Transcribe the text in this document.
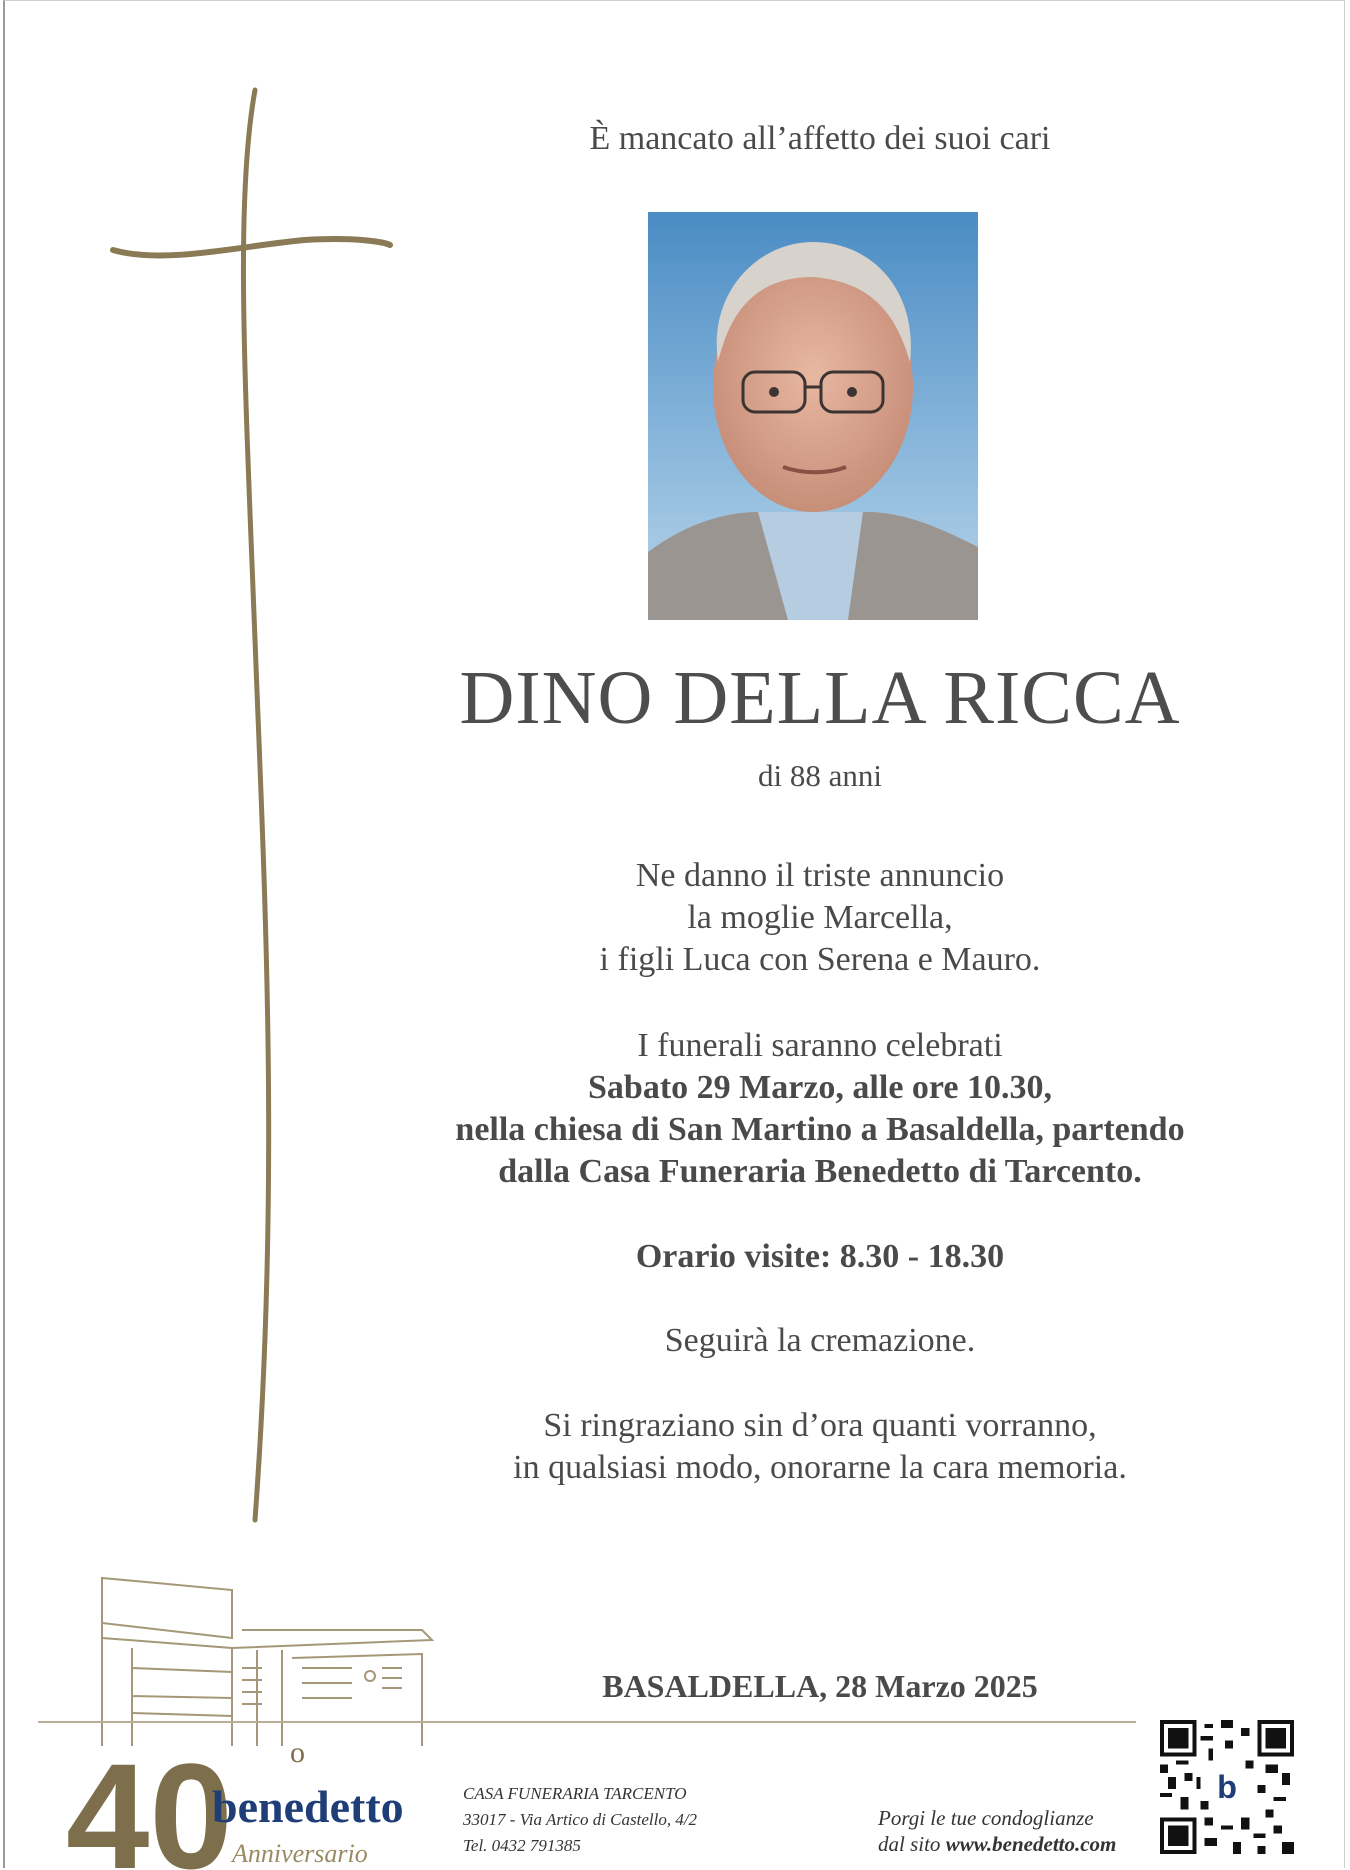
È mancato all’affetto dei suoi cari
DINO DELLA RICCA
di 88 anni
Ne danno il triste annuncio
la moglie Marcella,
i figli Luca con Serena e Mauro.
I funerali saranno celebrati
Sabato 29 Marzo, alle ore 10.30,
nella chiesa di San Martino a Basaldella, partendo
dalla Casa Funeraria Benedetto di Tarcento.
Orario visite: 8.30 - 18.30
Seguirà la cremazione.
Si ringraziano sin d’ora quanti vorranno,
in qualsiasi modo, onorarne la cara memoria.
BASALDELLA, 28 Marzo 2025
40 o
benedetto
Anniversario
CASA FUNERARIA TARCENTO
33017 - Via Artico di Castello, 4/2
Tel. 0432 791385
Porgi le tue condoglianze
dal sito www.benedetto.com
b
